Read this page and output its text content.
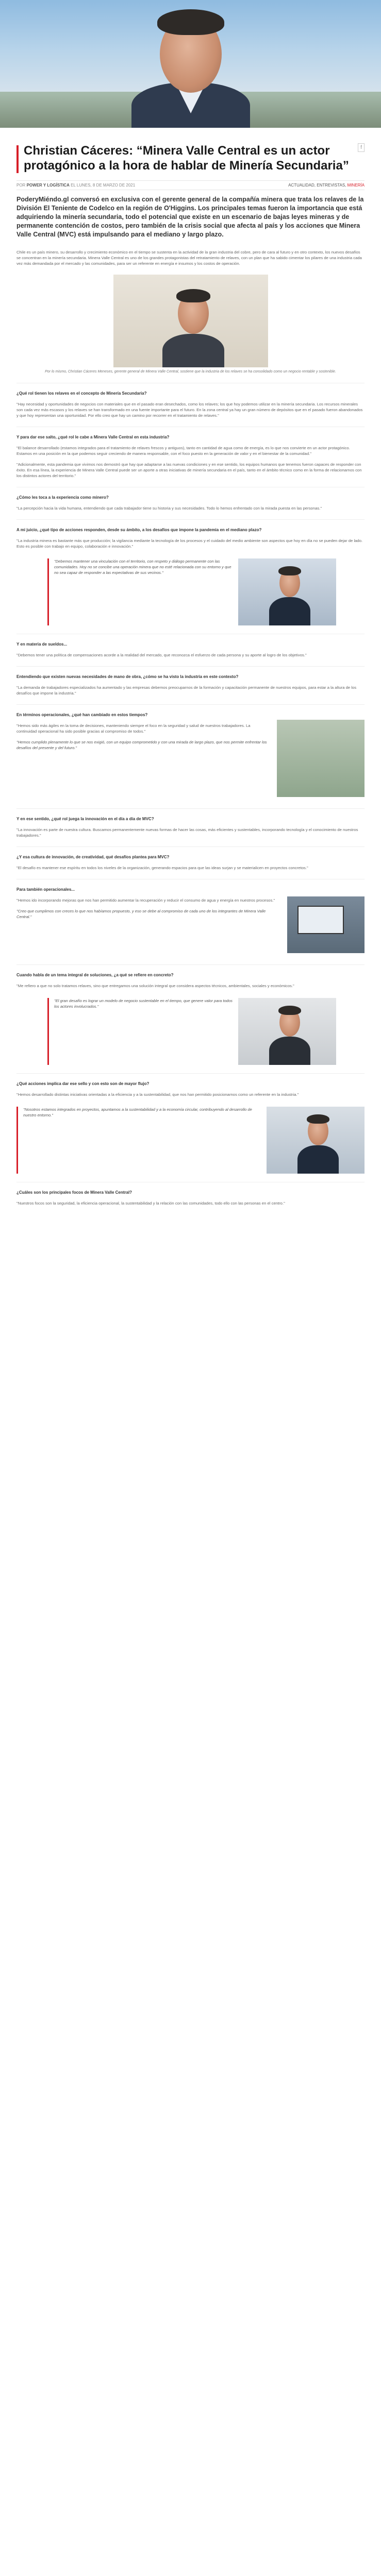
Christian Cáceres: “Minera Valle Central es un actor protagónico a la hora de hablar de Minería Secundaria”
f
POR POWER Y LOGÍSTICA EL LUNES, 8 DE MARZO DE 2021	ACTUALIDAD, ENTREVISTAS, MINERÍA

PoderyMiéndo.gl conversó en exclusiva con el gerente general de la compañía minera que trata los relaves de la División El Teniente de Codelco en la región de O'Higgins. Los principales temas fueron la importancia que está adquiriendo la minería secundaria, todo el potencial que existe en un escenario de bajas leyes mineras y de permanente contención de costos, pero también de la crisis social que afecta al país y los acciones que Minera Valle Central (MVC) está impulsando para el mediano y largo plazo.

Chile es un país minero, su desarrollo y crecimiento económico en el tiempo se sustenta en la actividad de la gran industria del cobre, pero de cara al futuro y en otro contexto, los nuevos desafíos se concentran en la minería secundaria. Minera Valle Central es uno de los grandes protagonistas del retratamiento de relaves, con un plan que ha sabido cimentar los pilares de una industria cada vez más demandada por el mercado y las comunidades, para ser un referente en energía e insumos y los costos de operación.

Por lo mismo, Christian Cáceres Meneses, gerente general de Minera Valle Central, sostiene que la industria de los relaves se ha consolidado como un negocio rentable y sostenible.

¿Qué rol tienen los relaves en el concepto de Minería Secundaria?

"Hay necesidad y oportunidades de negocios con materiales que en el pasado eran desechados, como los relaves; los que hoy podemos utilizar en la minería secundaria. Los recursos minerales son cada vez más escasos y los relaves se han transformado en una fuente importante para el futuro. En la zona central ya hay un gran número de depósitos que en el pasado fueron abandonados y que hoy representan una oportunidad. Por ello creo que hay un camino por recorrer en el tratamiento de relaves."

Y para dar ese salto, ¿qué rol le cabe a Minera Valle Central en esta industria?

"El balance desarrollado (estamos integrados para el tratamiento de relaves frescos y antiguos), tanto en cantidad de agua como de energía, es lo que nos convierte en un actor protagónico. Estamos en una posición en la que podemos seguir creciendo de manera responsable, con el foco puesto en la generación de valor y en el bienestar de la comunidad."

"Adicionalmente, esta pandemia que vivimos nos demostró que hay que adaptarse a las nuevas condiciones y en ese sentido, los equipos humanos que tenemos fueron capaces de responder con éxito. En esa línea, la experiencia de Minera Valle Central puede ser un aporte a otras iniciativas de minería secundaria en el país, tanto en el ámbito técnico como en la forma de relacionarnos con los distintos actores del territorio."

¿Cómo les toca a la experiencia como minero?

"La percepción hacia la vida humana, entendiendo que cada trabajador tiene su historia y sus necesidades. Todo lo hemos enfrentado con la mirada puesta en las personas."

A mi juicio, ¿qué tipo de acciones responden, desde su ámbito, a los desafíos que impone la pandemia en el mediano plazo?

"La industria minera es bastante más que producción; la vigilancia mediante la tecnología de los procesos y el cuidado del medio ambiente son aspectos que hoy en día no se pueden dejar de lado. Esto es posible con trabajo en equipo, colaboración e innovación."

"Debemos mantener una vinculación con el territorio, con respeto y diálogo permanente con las comunidades. Hoy no se concibe una operación minera que no esté relacionada con su entorno y que no sea capaz de responder a las expectativas de sus vecinos."

Y en materia de sueldos...

"Debemos tener una política de compensaciones acorde a la realidad del mercado, que reconozca el esfuerzo de cada persona y su aporte al logro de los objetivos."

Entendiendo que existen nuevas necesidades de mano de obra, ¿cómo se ha visto la industria en este contexto?

"La demanda de trabajadores especializados ha aumentado y las empresas debemos preocuparnos de la formación y capacitación permanente de nuestros equipos, para estar a la altura de los desafíos que impone la industria."

En términos operacionales, ¿qué han cambiado en estos tiempos?

"Hemos sido más ágiles en la toma de decisiones, manteniendo siempre el foco en la seguridad y salud de nuestros trabajadores. La continuidad operacional ha sido posible gracias al compromiso de todos."

"Hemos cumplido plenamente lo que se nos exigió, con un equipo comprometido y con una mirada de largo plazo, que nos permite enfrentar los desafíos del presente y del futuro."

Y en ese sentido, ¿qué rol juega la innovación en el día a día de MVC?

"La innovación es parte de nuestra cultura. Buscamos permanentemente nuevas formas de hacer las cosas, más eficientes y sustentables, incorporando tecnología y el conocimiento de nuestros trabajadores."

¿Y esa cultura de innovación, de creatividad, qué desafíos plantea para MVC?

"El desafío es mantener ese espíritu en todos los niveles de la organización, generando espacios para que las ideas surjan y se materialicen en proyectos concretos."

Para también operacionales...

"Hemos ido incorporando mejoras que nos han permitido aumentar la recuperación y reducir el consumo de agua y energía en nuestros procesos."

"Creo que cumplimos con creces lo que nos habíamos propuesto, y eso se debe al compromiso de cada uno de los integrantes de Minera Valle Central."

Cuando habla de un tema integral de soluciones, ¿a qué se refiere en concreto?

"Me refiero a que no solo tratamos relaves, sino que entregamos una solución integral que considera aspectos técnicos, ambientales, sociales y económicos."

"El gran desafío es lograr un modelo de negocio sustentable en el tiempo, que genere valor para todos los actores involucrados."

¿Qué acciones implica dar ese sello y con esto son de mayor flujo?

"Hemos desarrollado distintas iniciativas orientadas a la eficiencia y a la sustentabilidad, que nos han permitido posicionarnos como un referente en la industria."

"Nosotros estamos integrados en proyectos, apuntamos a la sustentabilidad y a la economía circular, contribuyendo al desarrollo de nuestro entorno."

¿Cuáles son los principales focos de Minera Valle Central?

"Nuestros focos son la seguridad, la eficiencia operacional, la sustentabilidad y la relación con las comunidades, todo ello con las personas en el centro."
